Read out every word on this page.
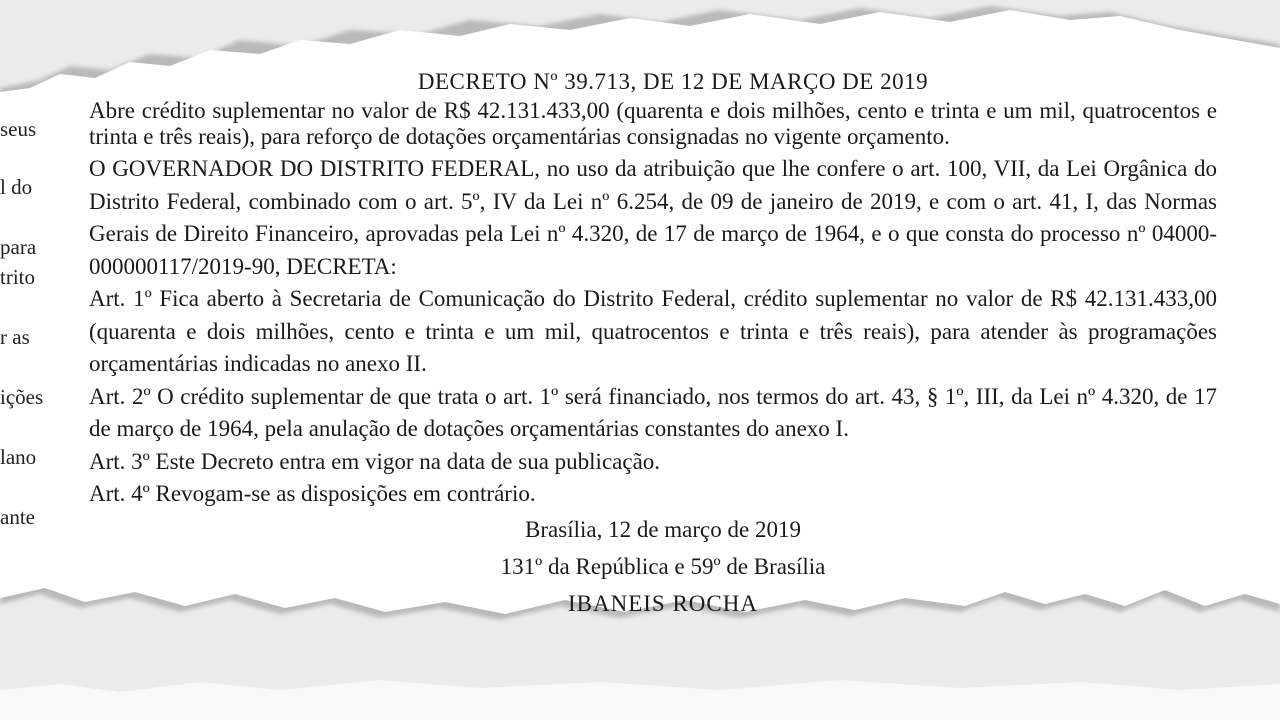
seus
l do
para
trito
r as
ições
lano
ante
DECRETO Nº 39.713, DE 12 DE MARÇO DE 2019

Abre crédito suplementar no valor de R$ 42.131.433,00 (quarenta e dois milhões, cento e trinta e um mil, quatrocentos e trinta e três reais), para reforço de dotações orçamentárias consignadas no vigente orçamento.

O GOVERNADOR DO DISTRITO FEDERAL, no uso da atribuição que lhe confere o art. 100, VII, da Lei Orgânica do Distrito Federal, combinado com o art. 5º, IV da Lei nº 6.254, de 09 de janeiro de 2019, e com o art. 41, I, das Normas Gerais de Direito Financeiro, aprovadas pela Lei nº 4.320, de 17 de março de 1964, e o que consta do processo nº 04000-000000117/2019-90, DECRETA:

Art. 1º Fica aberto à Secretaria de Comunicação do Distrito Federal, crédito suplementar no valor de R$ 42.131.433,00 (quarenta e dois milhões, cento e trinta e um mil, quatrocentos e trinta e três reais), para atender às programações orçamentárias indicadas no anexo II.

Art. 2º O crédito suplementar de que trata o art. 1º será financiado, nos termos do art. 43, § 1º, III, da Lei nº 4.320, de 17 de março de 1964, pela anulação de dotações orçamentárias constantes do anexo I.

Art. 3º Este Decreto entra em vigor na data de sua publicação.

Art. 4º Revogam-se as disposições em contrário.

Brasília, 12 de março de 2019
131º da República e 59º de Brasília
IBANEIS ROCHA
